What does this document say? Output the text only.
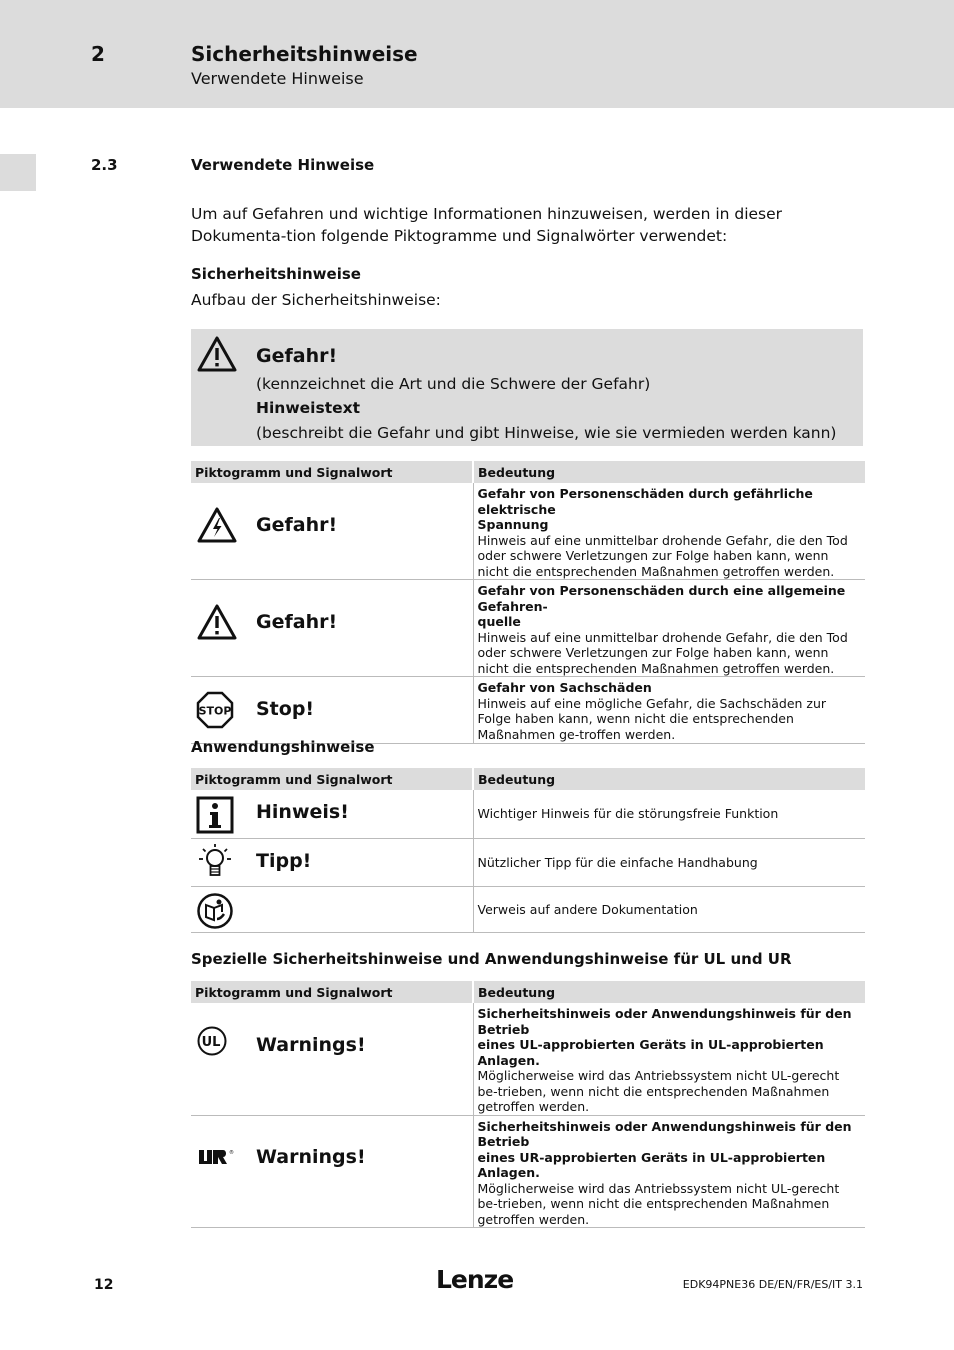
2	Sicherheitshinweise
Verwendete Hinweise
2.3	Verwendete Hinweise
Um auf Gefahren und wichtige Informationen hinzuweisen, werden in dieser Dokumenta-tion folgende Piktogramme und Signalwörter verwendet:
Sicherheitshinweise
Aufbau der Sicherheitshinweise:
Gefahr!
(kennzeichnet die Art und die Schwere der Gefahr)
Hinweistext
(beschreibt die Gefahr und gibt Hinweise, wie sie vermieden werden kann)
Piktogramm und Signalwort	Bedeutung

Gefahr!	Gefahr von Personenschäden durch gefährliche elektrische
Spannung
Hinweis auf eine unmittelbar drohende Gefahr, die den Tod oder schwere Verletzungen zur Folge haben kann, wenn nicht die entsprechenden Maßnahmen getroffen werden.

Gefahr!	Gefahr von Personenschäden durch eine allgemeine Gefahren-
quelle
Hinweis auf eine unmittelbar drohende Gefahr, die den Tod oder schwere Verletzungen zur Folge haben kann, wenn nicht die entsprechenden Maßnahmen getroffen werden.

STOP Stop!	Gefahr von Sachschäden
Hinweis auf eine mögliche Gefahr, die Sachschäden zur Folge haben kann, wenn nicht die entsprechenden Maßnahmen ge-troffen werden.
Anwendungshinweise
Piktogramm und Signalwort	Bedeutung

Hinweis!	Wichtiger Hinweis für die störungsfreie Funktion

Tipp!	Nützlicher Tipp für die einfache Handhabung

	Verweis auf andere Dokumentation
Spezielle Sicherheitshinweise und Anwendungshinweise für UL und UR
Piktogramm und Signalwort	Bedeutung

UL Warnings!	Sicherheitshinweis oder Anwendungshinweis für den Betrieb
eines UL-approbierten Geräts in UL-approbierten Anlagen.
Möglicherweise wird das Antriebssystem nicht UL-gerecht be-trieben, wenn nicht die entsprechenden Maßnahmen getroffen werden.

® Warnings!	Sicherheitshinweis oder Anwendungshinweis für den Betrieb
eines UR-approbierten Geräts in UL-approbierten Anlagen.
Möglicherweise wird das Antriebssystem nicht UL-gerecht be-trieben, wenn nicht die entsprechenden Maßnahmen getroffen werden.
12	Lenze	EDK94PNE36 DE/EN/FR/ES/IT 3.1
